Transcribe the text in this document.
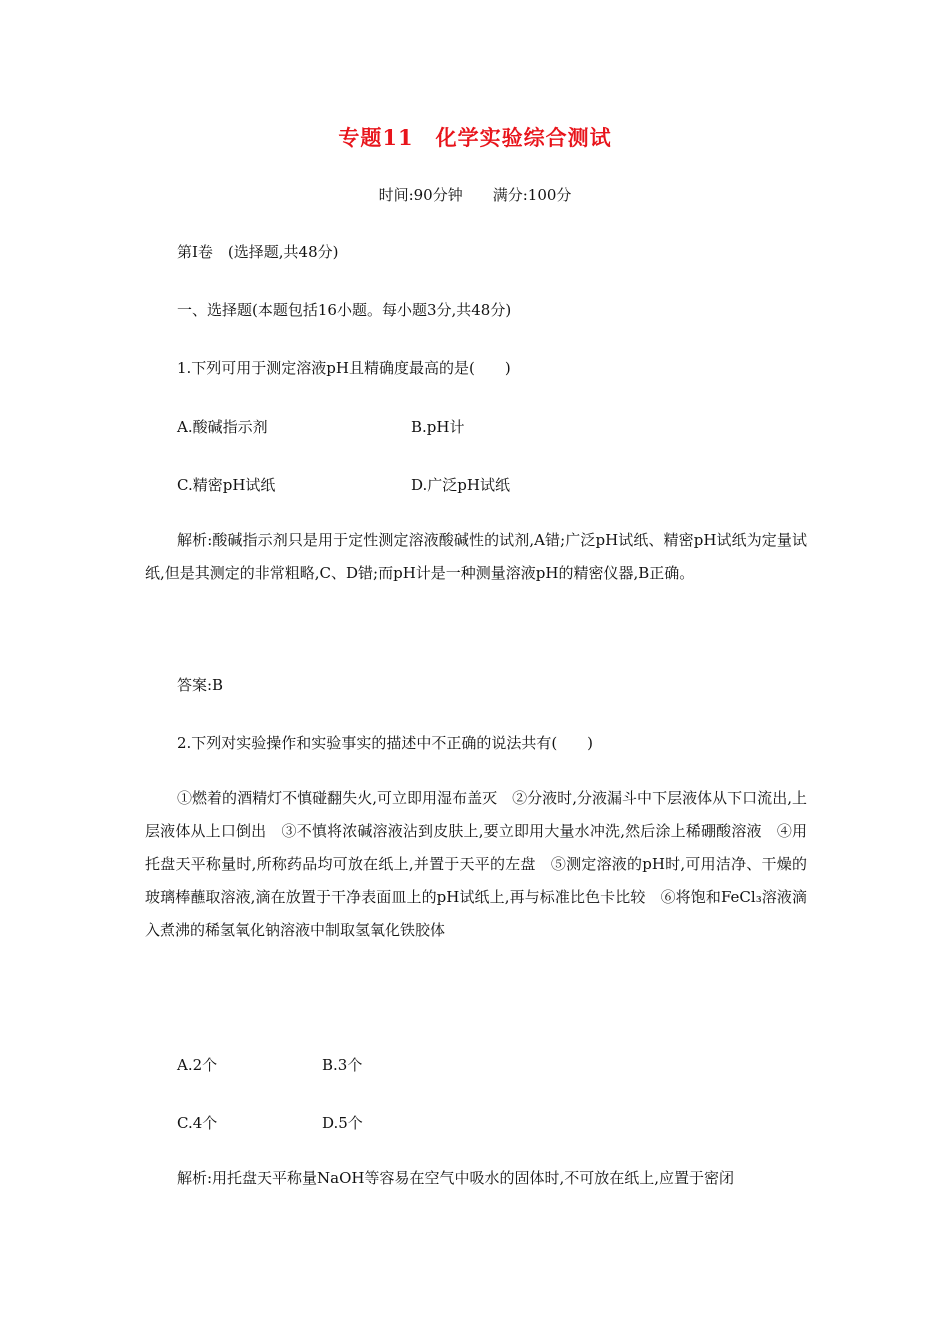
专题11　化学实验综合测试
时间:90分钟 满分:100分
第Ⅰ卷　(选择题,共48分)
一、选择题(本题包括16小题。每小题3分,共48分)
1.下列可用于测定溶液pH且精确度最高的是(　　)
A.酸碱指示剂	B.pH计
C.精密pH试纸	D.广泛pH试纸
解析:酸碱指示剂只是用于定性测定溶液酸碱性的试剂,A错;广泛pH试纸、精密pH试纸为定量试纸,但是其测定的非常粗略,C、D错;而pH计是一种测量溶液pH的精密仪器,B正确。
答案:B
2.下列对实验操作和实验事实的描述中不正确的说法共有(　　)
①燃着的酒精灯不慎碰翻失火,可立即用湿布盖灭　②分液时,分液漏斗中下层液体从下口流出,上层液体从上口倒出　③不慎将浓碱溶液沾到皮肤上,要立即用大量水冲洗,然后涂上稀硼酸溶液　④用托盘天平称量时,所称药品均可放在纸上,并置于天平的左盘　⑤测定溶液的pH时,可用洁净、干燥的玻璃棒蘸取溶液,滴在放置于干净表面皿上的pH试纸上,再与标准比色卡比较　⑥将饱和FeCl₃溶液滴入煮沸的稀氢氧化钠溶液中制取氢氧化铁胶体
A.2个	B.3个
C.4个	D.5个
解析:用托盘天平称量NaOH等容易在空气中吸水的固体时,不可放在纸上,应置于密闭
